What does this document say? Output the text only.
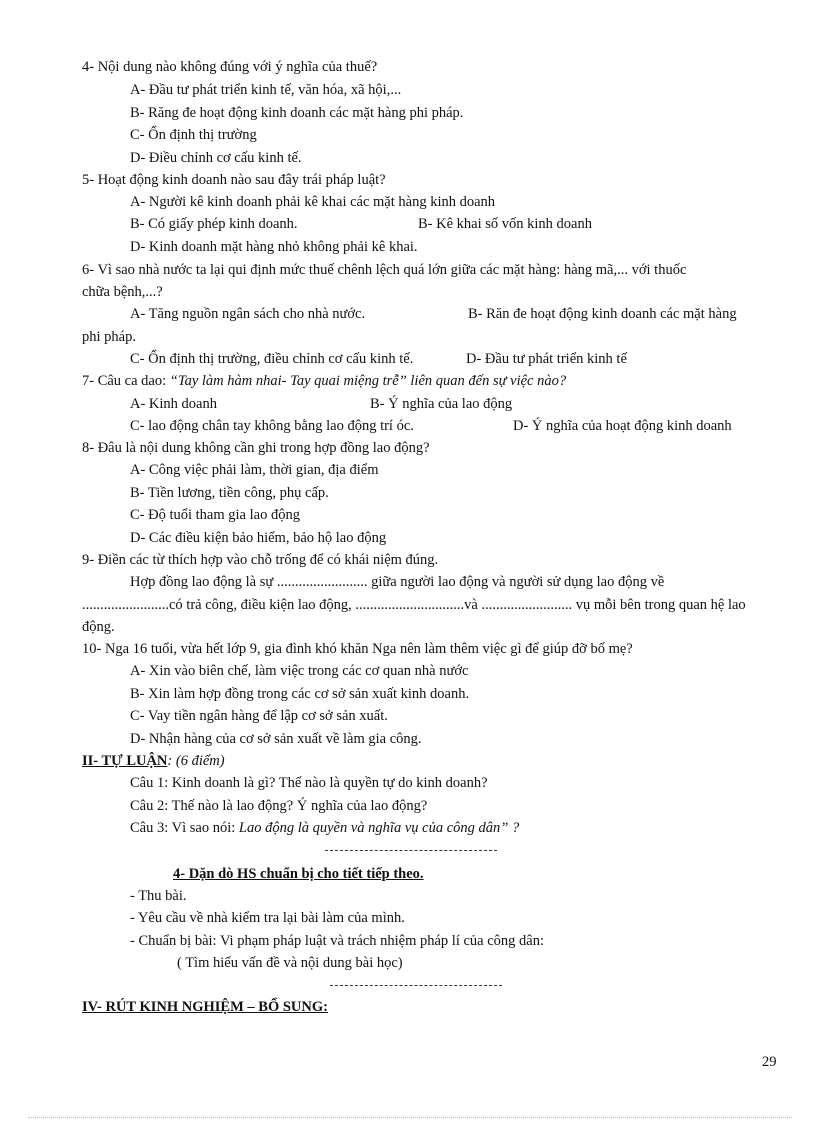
4- Nội dung nào không đúng với ý nghĩa của thuế?
A- Đầu tư phát triển kinh tế, văn hóa, xã hội,...
B- Răng đe hoạt động kinh doanh các mặt hàng phi pháp.
C- Ổn định thị trường
D- Điều chỉnh cơ cấu kinh tế.
5- Hoạt động kinh doanh nào sau đây trái pháp luật?
A- Người kê kinh doanh phải kê khai các mặt hàng kinh doanh
B- Có giấy phép kinh doanh.	B- Kê khai số vốn kinh doanh
D- Kinh doanh mặt hàng nhỏ không phải kê khai.
6- Vì sao nhà nước ta lại qui định mức thuế chênh lệch quá lớn giữa các mặt hàng: hàng mã,... với thuốc
chữa bệnh,...?
A- Tăng nguồn ngân sách cho nhà nước.	B- Răn đe hoạt động kinh doanh các mặt hàng
phi pháp.
C- Ổn định thị trường, điều chỉnh cơ cấu kinh tế.	D- Đầu tư phát triển kinh tế
7- Câu ca dao: “Tay làm hàm nhai- Tay quai miệng trễ” liên quan đến sự việc nào?
A- Kinh doanh	B- Ý nghĩa của lao động
C- lao động chân tay không bằng lao động trí óc.	D- Ý nghĩa của hoạt động kinh doanh
8- Đâu là nội dung không cần ghi trong hợp đồng lao động?
A- Công việc phải làm, thời gian, địa điểm
B- Tiền lương, tiền công, phụ cấp.
C- Độ tuổi tham gia lao động
D- Các điều kiện bảo hiểm, bảo hộ lao động
9- Điền các từ thích hợp vào chỗ trống để có khái niệm đúng.
Hợp đồng lao động là sự ......................... giữa người lao động và người sử dụng lao động về
........................có trả công, điều kiện lao động, ..............................và ......................... vụ mỗi bên trong quan hệ lao
động.
10- Nga 16 tuổi, vừa hết lớp 9, gia đình khó khăn Nga nên làm thêm việc gì để giúp đỡ bố mẹ?
A- Xin vào biên chế, làm việc trong các cơ quan nhà nước
B- Xin làm hợp đồng trong các cơ sở sản xuất kinh doanh.
C- Vay tiền ngân hàng để lập cơ sở sản xuất.
D- Nhận hàng của cơ sở sản xuất về làm gia công.
II- TỰ LUẬN: (6 điểm)
Câu 1: Kinh doanh là gì? Thế nào là quyền tự do kinh doanh?
Câu 2: Thế nào là lao động? Ý nghĩa của lao động?
Câu 3: Vì sao nói: Lao động là quyền và nghĩa vụ của công dân” ?
4- Dặn dò HS chuẩn bị cho tiết tiếp theo.
- Thu bài.
- Yêu cầu về nhà kiểm tra lại bài làm của mình.
- Chuẩn bị bài: Vi phạm pháp luật và trách nhiệm pháp lí của công dân:
( Tìm hiểu vấn đề và nội dung bài học)
IV- RÚT KINH NGHIỆM – BỔ SUNG:
29
